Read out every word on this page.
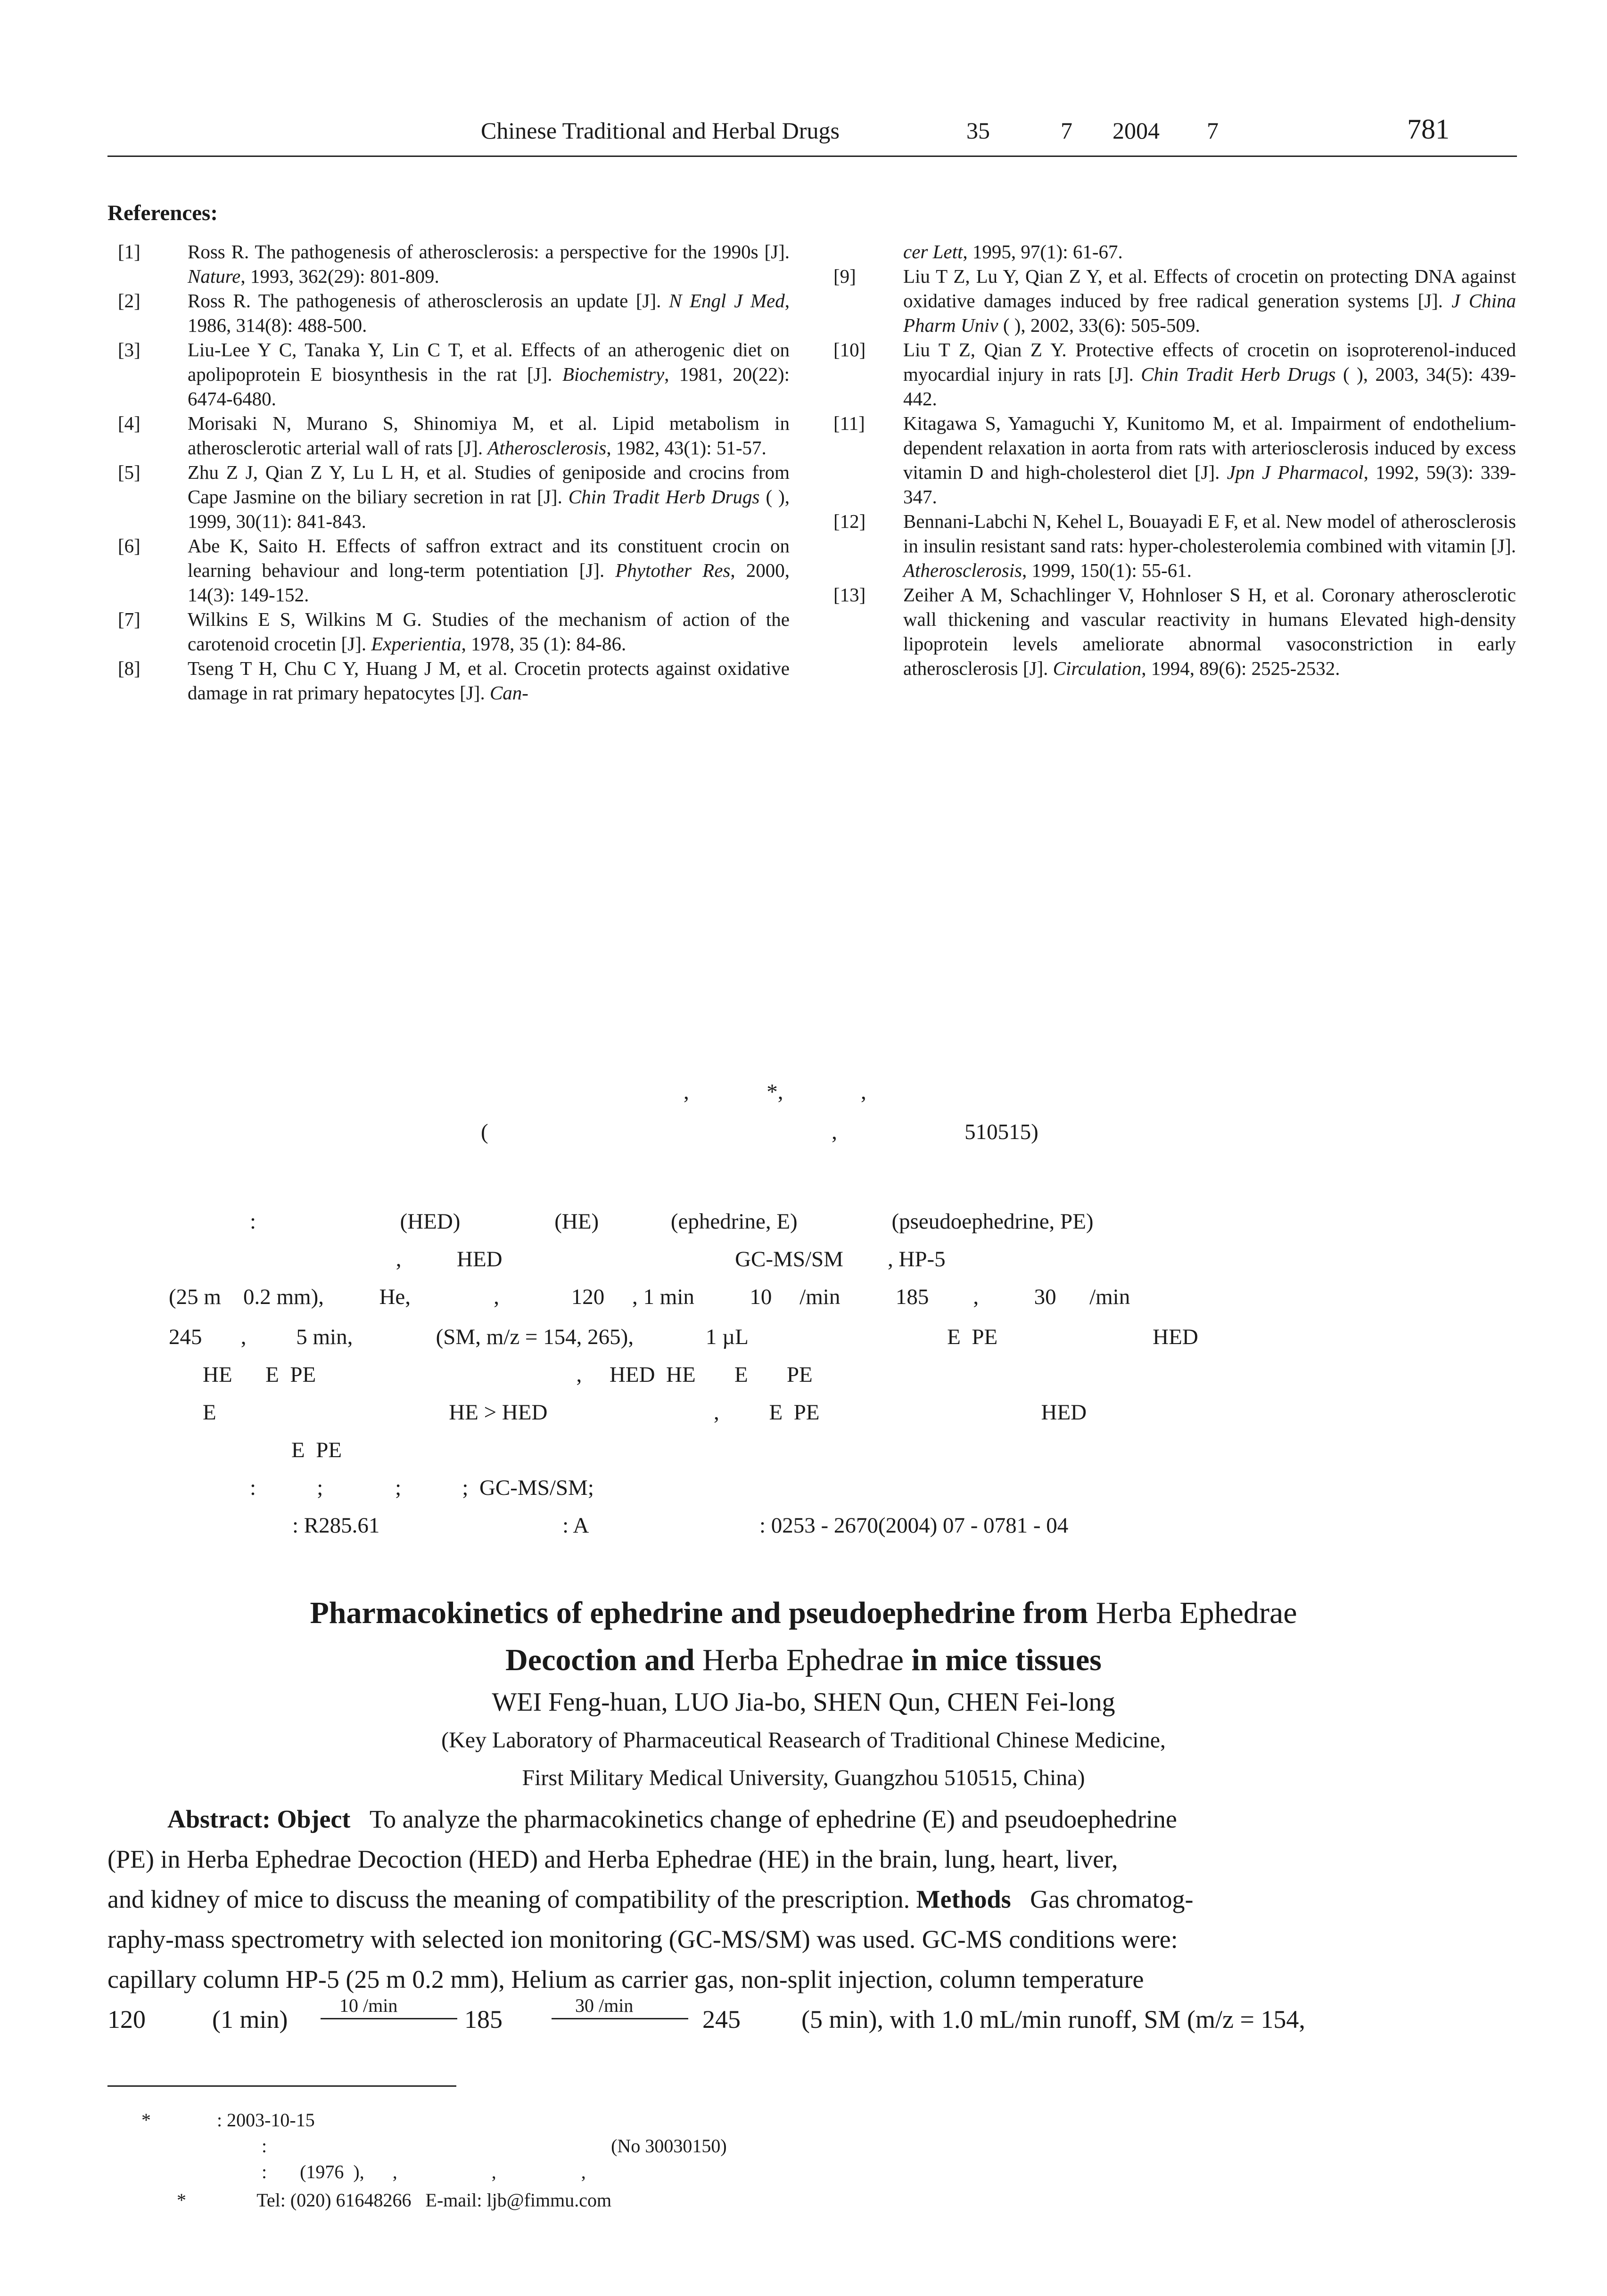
Chinese Traditional and Herbal Drugs	35	7 2004 7	781
References:
[1] Ross R. The pathogenesis of atherosclerosis: a perspective for the 1990s [J]. Nature, 1993, 362(29): 801-809.
[2] Ross R. The pathogenesis of atherosclerosis an update [J]. N Engl J Med, 1986, 314(8): 488-500.
[3] Liu-Lee Y C, Tanaka Y, Lin C T, et al. Effects of an atherogenic diet on apolipoprotein E biosynthesis in the rat [J]. Biochemistry, 1981, 20(22): 6474-6480.
[4] Morisaki N, Murano S, Shinomiya M, et al. Lipid metabolism in atherosclerotic arterial wall of rats [J]. Atherosclerosis, 1982, 43(1): 51-57.
[5] Zhu Z J, Qian Z Y, Lu L H, et al. Studies of geniposide and crocins from Cape Jasmine on the biliary secretion in rat [J]. Chin Tradit Herb Drugs ( ), 1999, 30(11): 841-843.
[6] Abe K, Saito H. Effects of saffron extract and its constituent crocin on learning behaviour and long-term potentiation [J]. Phytother Res, 2000, 14(3): 149-152.
[7] Wilkins E S, Wilkins M G. Studies of the mechanism of action of the carotenoid crocetin [J]. Experientia, 1978, 35 (1): 84-86.
[8] Tseng T H, Chu C Y, Huang J M, et al. Crocetin protects against oxidative damage in rat primary hepatocytes [J]. Can-
cer Lett, 1995, 97(1): 61-67.
[9] Liu T Z, Lu Y, Qian Z Y, et al. Effects of crocetin on protecting DNA against oxidative damages induced by free radical generation systems [J]. J China Pharm Univ ( ), 2002, 33(6): 505-509.
[10] Liu T Z, Qian Z Y. Protective effects of crocetin on isoproterenol-induced myocardial injury in rats [J]. Chin Tradit Herb Drugs ( ), 2003, 34(5): 439-442.
[11] Kitagawa S, Yamaguchi Y, Kunitomo M, et al. Impairment of endothelium-dependent relaxation in aorta from rats with arteriosclerosis induced by excess vitamin D and high-cholesterol diet [J]. Jpn J Pharmacol, 1992, 59(3): 339-347.
[12] Bennani-Labchi N, Kehel L, Bouayadi E F, et al. New model of atherosclerosis in insulin resistant sand rats: hyper-cholesterolemia combined with vitamin [J]. Atherosclerosis, 1999, 150(1): 55-61.
[13] Zeiher A M, Schachlinger V, Hohnloser S H, et al. Coronary atherosclerotic wall thickening and vascular reactivity in humans Elevated high-density lipoprotein levels ameliorate abnormal vasoconstriction in early atherosclerosis [J]. Circulation, 1994, 89(6): 2525-2532.
,              *,              ,
(                                                              ,                       510515)
:                          (HED)                 (HE)             (ephedrine, E)                 (pseudoephedrine, PE)
,          HED                                          GC-MS/SM        , HP-5
(25 m    0.2 mm),          He,               ,             120     , 1 min          10     /min          185        ,          30      /min
245       ,         5 min,               (SM, m/z = 154, 265),             1 µL                                    E  PE                            HED
HE      E  PE                                               ,     HED  HE       E       PE
E                                          HE > HED                              ,         E  PE                                        HED
E  PE
:           ;             ;           ;  GC-MS/SM;
: R285.61                                 : A                               : 0253 - 2670(2004) 07 - 0781 - 04
Pharmacokinetics of ephedrine and pseudoephedrine from Herba Ephedrae
Decoction and Herba Ephedrae in mice tissues
WEI Feng-huan, LUO Jia-bo, SHEN Qun, CHEN Fei-long
(Key Laboratory of Pharmaceutical Reasearch of Traditional Chinese Medicine,
First Military Medical University, Guangzhou 510515, China)
Abstract: Object To analyze the pharmacokinetics change of ephedrine (E) and pseudoephedrine
(PE) in Herba Ephedrae Decoction (HED) and Herba Ephedrae (HE) in the brain, lung, heart, liver,
and kidney of mice to discuss the meaning of compatibility of the prescription. Methods Gas chromatog-
raphy-mass spectrometry with selected ion monitoring (GC-MS/SM) was used. GC-MS conditions were:
capillary column HP-5 (25 m 0.2 mm), Helium as carrier gas, non-split injection, column temperature
120	(1 min)	10 /min	185	30 /min	245 (5 min), with 1.0 mL/min runoff, SM (m/z = 154,
*              : 2003-10-15
:                                                                         (No 30030150)
:       (1976  ),      ,                    ,                  ,
*               Tel: (020) 61648266   E-mail: ljb@fimmu.com
